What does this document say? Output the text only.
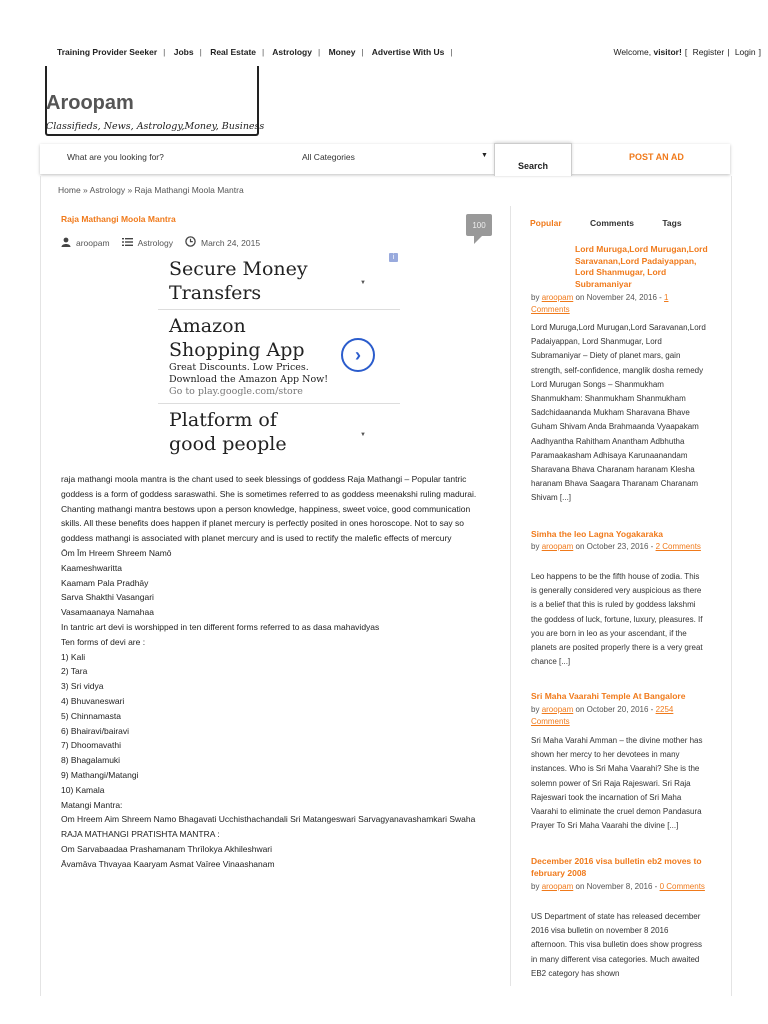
Training Provider Seeker | Jobs | Real Estate | Astrology | Money | Advertise With Us |	Welcome, visitor! [ Register | Login ]
Aroopam
Classifieds, News, Astrology,Money, Business
What are you looking for?	All Categories	▼
Search
POST AN AD
Home » Astrology » Raja Mathangi Moola Mantra
Raja Mathangi Moola Mantra
aroopam	Astrology	March 24, 2015
100
i
Secure Money Transfers	▼
Amazon Shopping App
Great Discounts. Low Prices.
Download the Amazon App Now!
Go to play.google.com/store
›
Platform of good people	▼

raja mathangi moola mantra is the chant used to seek blessings of goddess Raja Mathangi – Popular tantric goddess is a form of goddess saraswathi. She is sometimes referred to as goddess meenakshi ruling madurai. Chanting mathangi mantra bestows upon a person knowledge, happiness, sweet voice, good communication skills. All these benefits does happen if planet mercury is perfectly posited in ones horoscope. Not to say so goddess mathangi is associated with planet mercury and is used to rectify the malefic effects of mercury

Ōm Īm Hreem Shreem Namō

Kaameshwaritta

Kaamam Pala Pradhāy

Sarva Shakthi Vasangari

Vasamaanaya Namahaa

In tantric art devi is worshipped in ten different forms referred to as dasa mahavidyas

Ten forms of devi are :

1) Kali

2) Tara

3) Sri vidya

4) Bhuvaneswari

5) Chinnamasta

6) Bhairavi/bairavi

7) Dhoomavathi

8) Bhagalamuki

9) Mathangi/Matangi

10) Kamala

Matangi Mantra:

Om Hreem Aim Shreem Namo Bhagavati Ucchisthachandali Sri Matangeswari Sarvagyanavashamkari Swaha

RAJA MATHANGI PRATISHTA MANTRA :

Om Sarvabaadaa Prashamanam Thrīlokya Akhileshwari

Āvamāva Thvayaa Kaaryam Asmat Vaīree Vinaashanam

Popular	Comments	Tags
Lord Muruga,Lord Murugan,Lord Saravanan,Lord Padaiyappan, Lord Shanmugar, Lord Subramaniyar
by aroopam on November 24, 2016 - 1 Comments
Lord Muruga,Lord Murugan,Lord Saravanan,Lord Padaiyappan, Lord Shanmugar, Lord Subramaniyar – Diety of planet mars, gain strength, self-confidence, manglik dosha remedy Lord Murugan Songs – Shanmukham Shanmukham: Shanmukham Shanmukham Sadchidaananda Mukham Sharavana Bhave Guham Shivam Anda Brahmaanda Vyaapakam Aadhyantha Rahitham Anantham Adbhutha Paramaakasham Adhisaya Karunaanandam Sharavana Bhava Charanam haranam Klesha haranam Bhava Saagara Tharanam Charanam Shivam [...]
Simha the leo Lagna Yogakaraka
by aroopam on October 23, 2016 - 2 Comments
Leo happens to be the fifth house of zodia. This is generally considered very auspicious as there is a belief that this is ruled by goddess lakshmi the goddess of luck, fortune, luxury, pleasures. If you are born in leo as your ascendant, if the planets are posited properly there is a very great chance [...]
Sri Maha Vaarahi Temple At Bangalore
by aroopam on October 20, 2016 - 2254 Comments
Sri Maha Varahi Amman – the divine mother has shown her mercy to her devotees in many instances. Who is Sri Maha Vaarahi? She is the solemn power of Sri Raja Rajeswari. Sri Raja Rajeswari took the incarnation of Sri Maha Vaarahi to eliminate the cruel demon Pandasura Prayer To Sri Maha Vaarahi the divine [...]
December 2016 visa bulletin eb2 moves to february 2008
by aroopam on November 8, 2016 - 0 Comments
US Department of state has released december 2016 visa bulletin on november 8 2016 afternoon. This visa bulletin does show progress in many different visa categories. Much awaited EB2 category has shown
